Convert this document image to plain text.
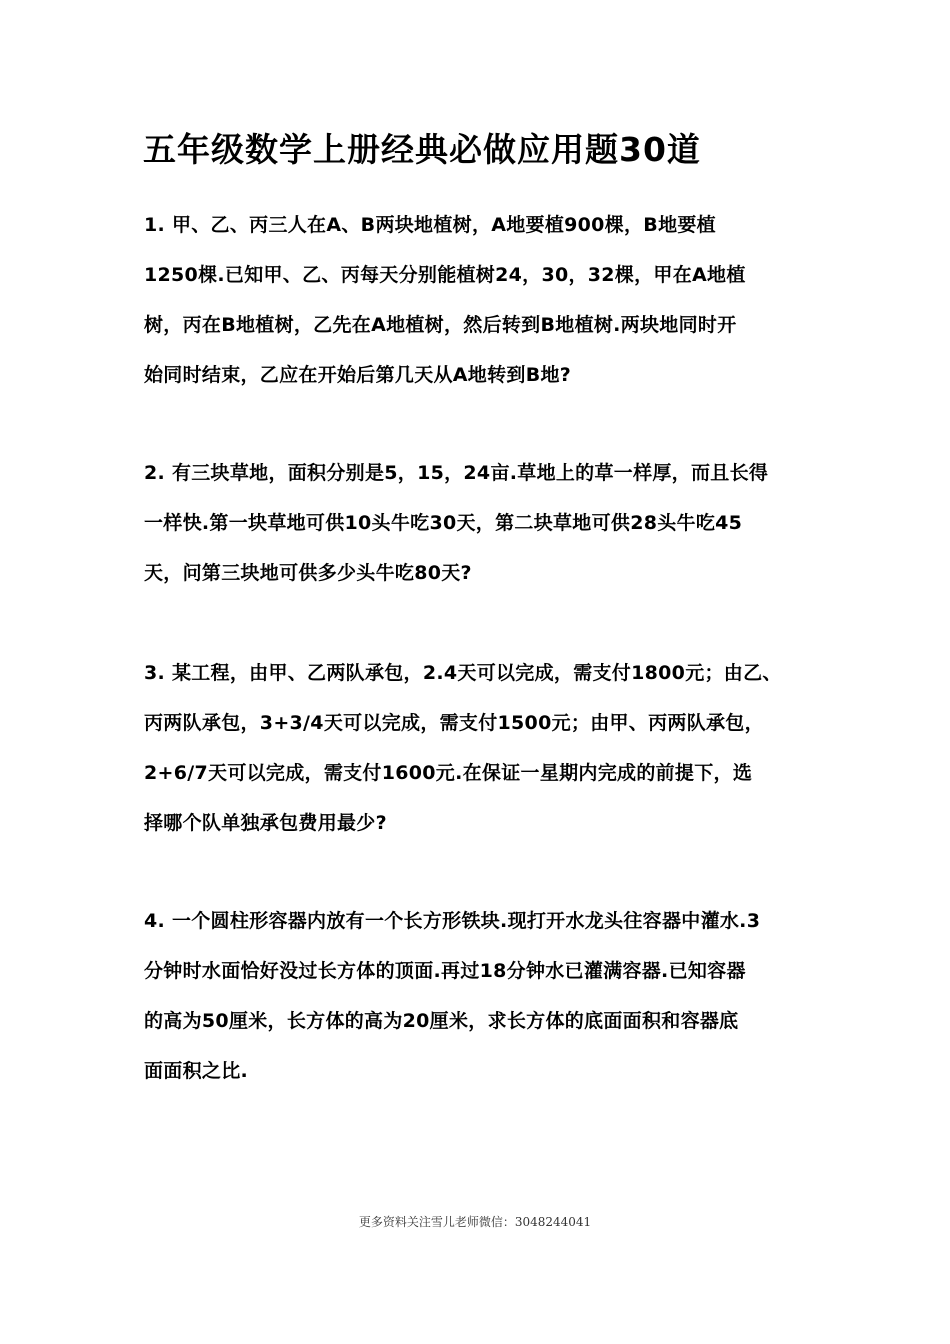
五年级数学上册经典必做应用题30道
1. 甲、乙、丙三人在A、B两块地植树，A地要植900棵，B地要植
1250棵.已知甲、乙、丙每天分别能植树24，30，32棵，甲在A地植
树，丙在B地植树，乙先在A地植树，然后转到B地植树.两块地同时开
始同时结束，乙应在开始后第几天从A地转到B地?
2. 有三块草地，面积分别是5，15，24亩.草地上的草一样厚，而且长得
一样快.第一块草地可供10头牛吃30天，第二块草地可供28头牛吃45
天，问第三块地可供多少头牛吃80天?
3. 某工程，由甲、乙两队承包，2.4天可以完成，需支付1800元；由乙、
丙两队承包，3+3/4天可以完成，需支付1500元；由甲、丙两队承包，
2+6/7天可以完成，需支付1600元.在保证一星期内完成的前提下，选
择哪个队单独承包费用最少?
4. 一个圆柱形容器内放有一个长方形铁块.现打开水龙头往容器中灌水.3
分钟时水面恰好没过长方体的顶面.再过18分钟水已灌满容器.已知容器
的高为50厘米，长方体的高为20厘米，求长方体的底面面积和容器底
面面积之比.
更多资料关注雪儿老师微信：3048244041
